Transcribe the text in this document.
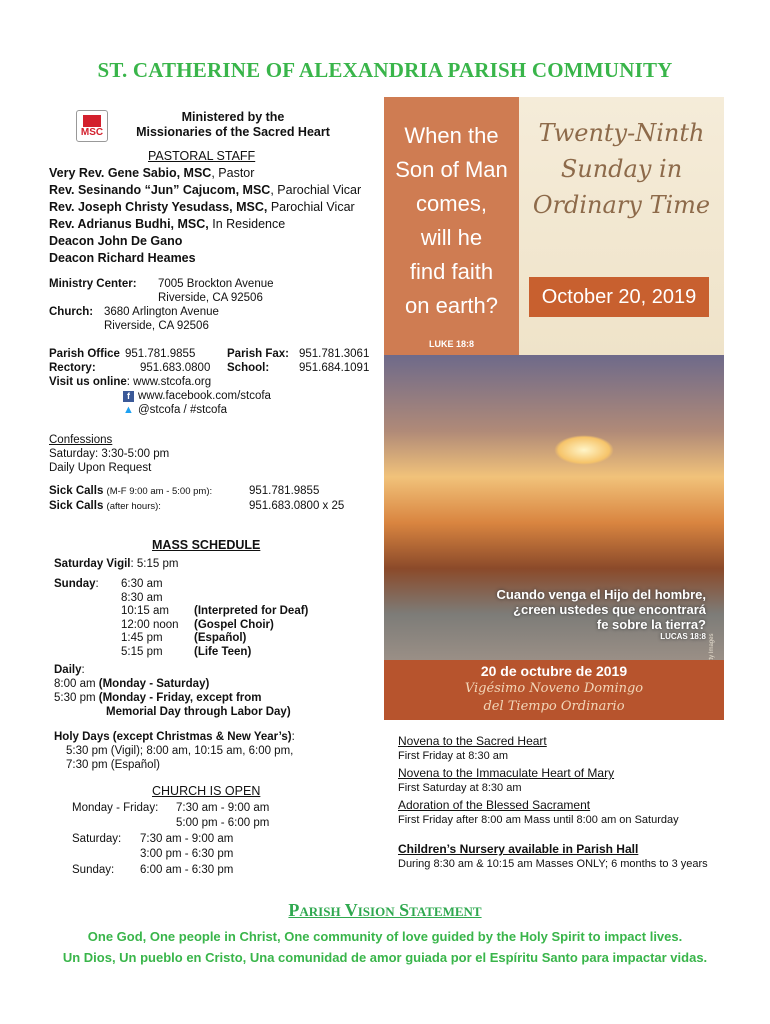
ST. CATHERINE OF ALEXANDRIA PARISH COMMUNITY
MSC
Ministered by the
Missionaries of the Sacred Heart
PASTORAL STAFF
Very Rev. Gene Sabio, MSC, Pastor
Rev. Sesinando “Jun” Cajucom, MSC, Parochial Vicar
Rev. Joseph Christy Yesudass, MSC, Parochial Vicar
Rev. Adrianus Budhi, MSC, In Residence
Deacon John De Gano
Deacon Richard Heames
Ministry Center: 7005 Brockton Avenue
Riverside, CA 92506
Church: 3680 Arlington Avenue
Riverside, CA 92506
Parish Office 951.781.9855	Parish Fax: 951.781.3061
Rectory:	951.683.0800 School:	951.684.1091
Visit us online: www.stcofa.org
f www.facebook.com/stcofa
▲ @stcofa / #stcofa
Confessions
Saturday: 3:30-5:00 pm
Daily Upon Request
Sick Calls (M-F 9:00 am - 5:00 pm):	951.781.9855
Sick Calls (after hours):	951.683.0800 x 25
MASS SCHEDULE
Saturday Vigil: 5:15 pm
Sunday: 6:30 am
8:30 am
10:15 am (Interpreted for Deaf)
12:00 noon (Gospel Choir)
1:45 pm	(Español)
5:15 pm	(Life Teen)
Daily:
8:00 am (Monday - Saturday)
5:30 pm (Monday - Friday, except from
Memorial Day through Labor Day)
Holy Days (except Christmas & New Year’s):
5:30 pm (Vigil); 8:00 am, 10:15 am, 6:00 pm,
7:30 pm (Español)
CHURCH IS OPEN
Monday - Friday: 7:30 am - 9:00 am
5:00 pm - 6:00 pm
Saturday: 7:30 am - 9:00 am
3:00 pm - 6:30 pm
Sunday: 6:00 am - 6:30 pm
When the
Son of Man
comes,
will he
find faith
on earth?
LUKE 18:8
Twenty-Ninth
Sunday in
Ordinary Time
October 20, 2019
Cuando venga el Hijo del hombre,
¿creen ustedes que encontrará
fe sobre la tierra?
LUCAS 18:8
20 de octubre de 2019
Vigésimo Noveno Domingo
del Tiempo Ordinario
Novena to the Sacred Heart
First Friday at 8:30 am
Novena to the Immaculate Heart of Mary
First Saturday at 8:30 am
Adoration of the Blessed Sacrament
First Friday after 8:00 am Mass until 8:00 am on Saturday
Children’s Nursery available in Parish Hall
During 8:30 am & 10:15 am Masses ONLY; 6 months to 3 years
Parish Vision Statement
One God, One people in Christ, One community of love guided by the Holy Spirit to impact lives.
Un Dios, Un pueblo en Cristo, Una comunidad de amor guiada por el Espíritu Santo para impactar vidas.
